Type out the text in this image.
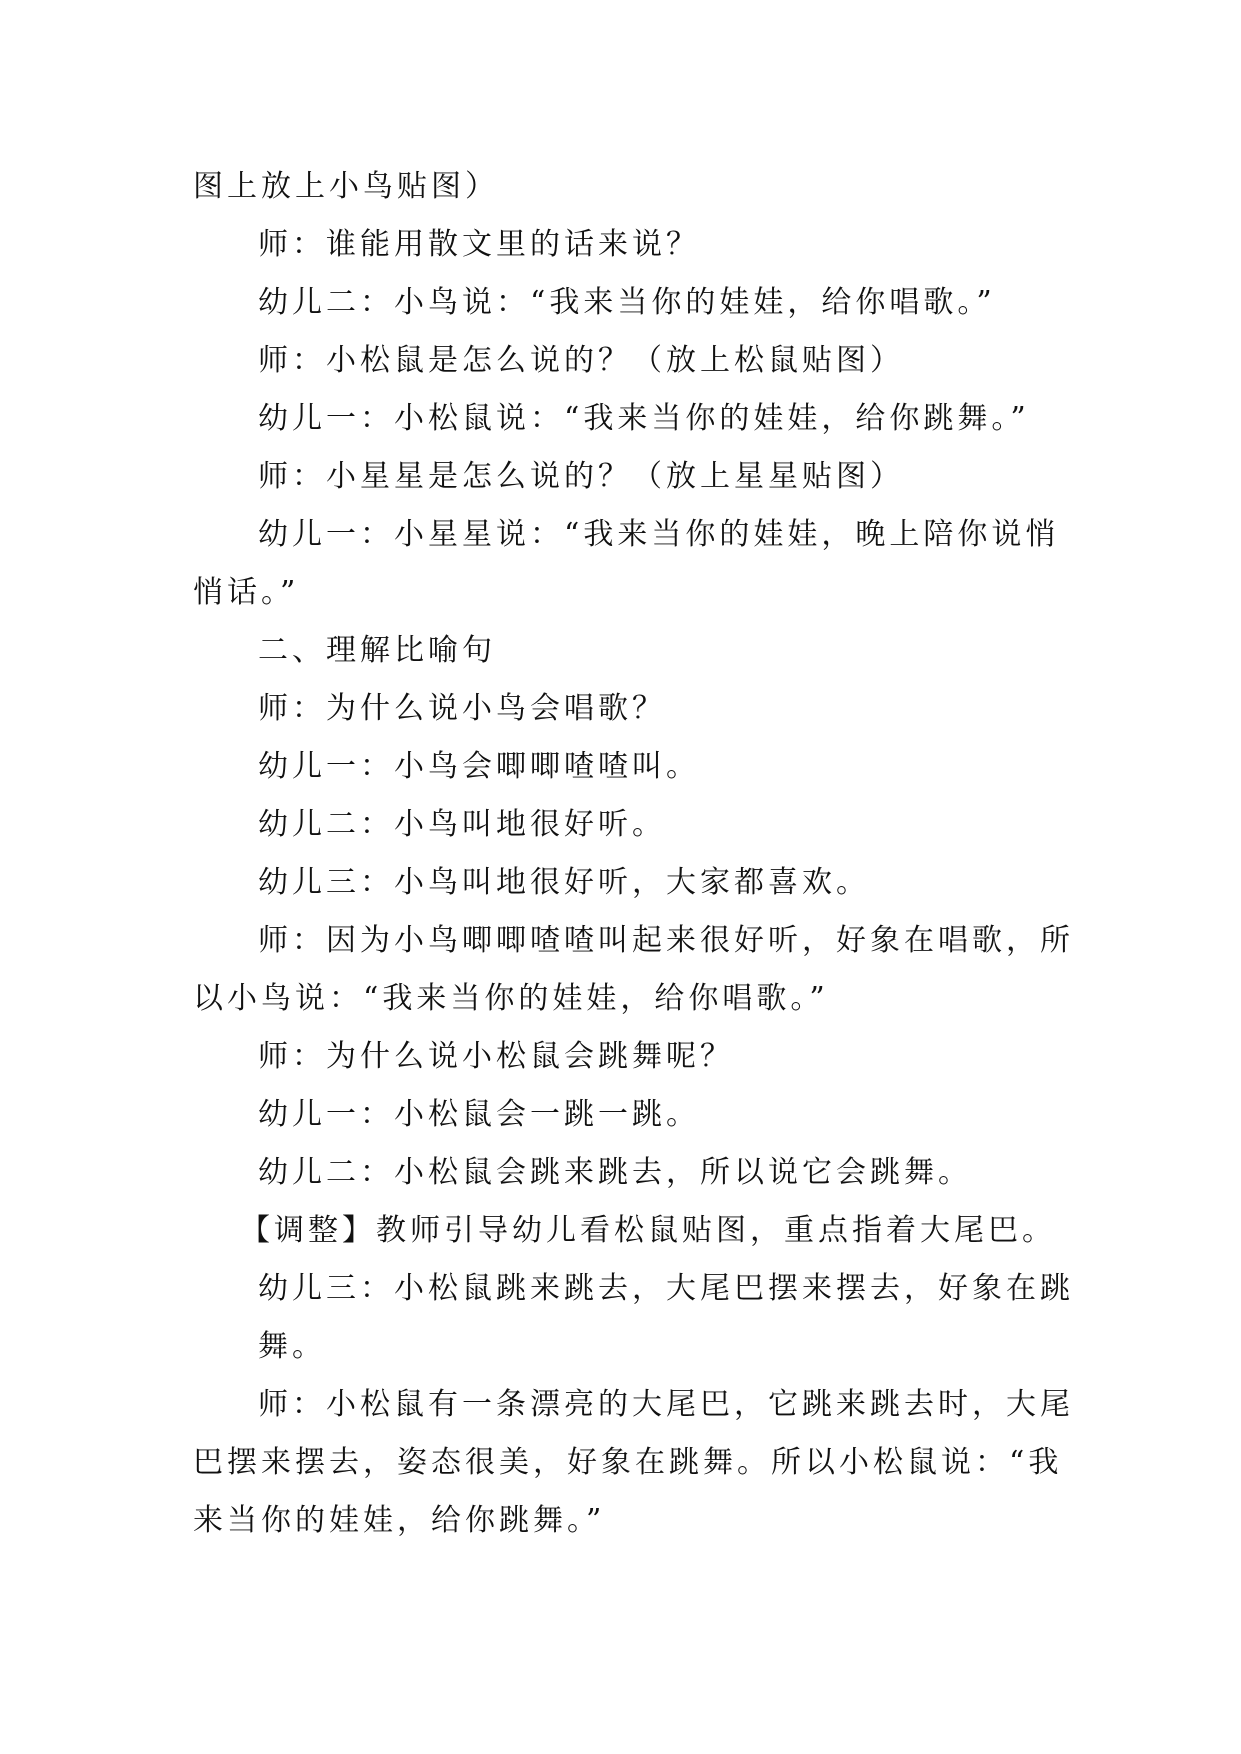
图上放上小鸟贴图）
师：谁能用散文里的话来说？
幼儿二：小鸟说：“我来当你的娃娃，给你唱歌。”
师：小松鼠是怎么说的？（放上松鼠贴图）
幼儿一：小松鼠说：“我来当你的娃娃，给你跳舞。”
师：小星星是怎么说的？（放上星星贴图）
幼儿一：小星星说：“我来当你的娃娃，晚上陪你说悄
悄话。”
二、理解比喻句
师：为什么说小鸟会唱歌？
幼儿一：小鸟会唧唧喳喳叫。
幼儿二：小鸟叫地很好听。
幼儿三：小鸟叫地很好听，大家都喜欢。
师：因为小鸟唧唧喳喳叫起来很好听，好象在唱歌，所
以小鸟说：“我来当你的娃娃，给你唱歌。”
师：为什么说小松鼠会跳舞呢？
幼儿一：小松鼠会一跳一跳。
幼儿二：小松鼠会跳来跳去，所以说它会跳舞。
【调整】教师引导幼儿看松鼠贴图，重点指着大尾巴。
幼儿三：小松鼠跳来跳去，大尾巴摆来摆去，好象在跳
舞。
师：小松鼠有一条漂亮的大尾巴，它跳来跳去时，大尾
巴摆来摆去，姿态很美，好象在跳舞。所以小松鼠说：“我
来当你的娃娃，给你跳舞。”
